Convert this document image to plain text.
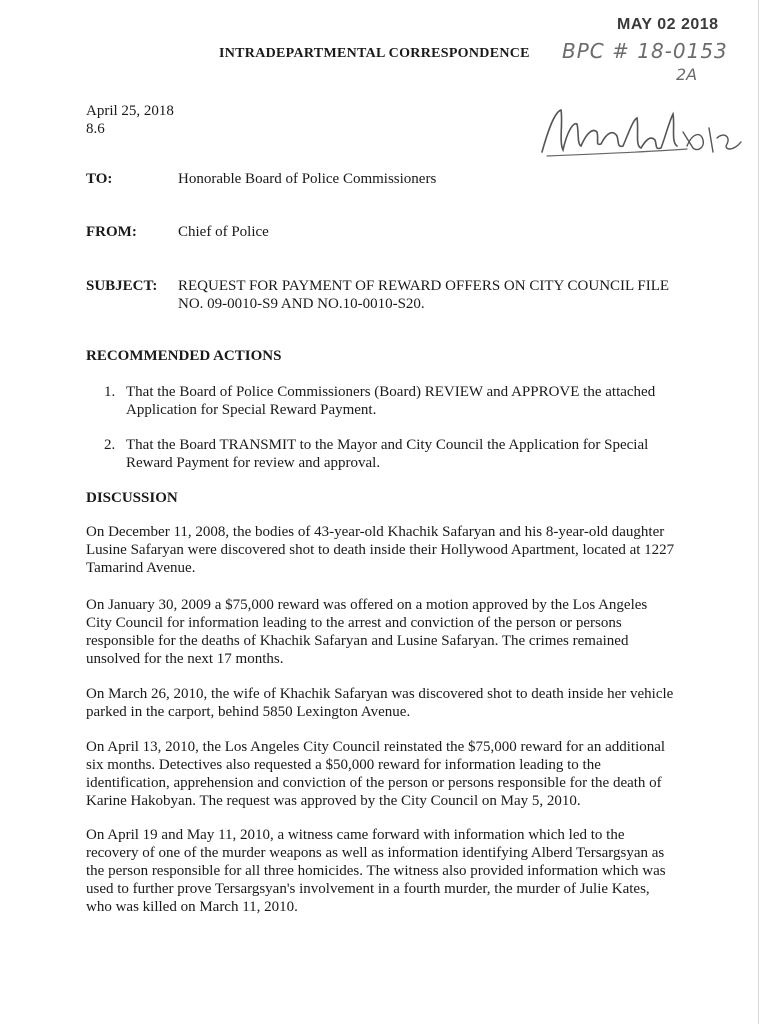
MAY 02 2018
INTRADEPARTMENTAL CORRESPONDENCE BPC # 18-0153
2A
April 25, 2018
8.6
TO:	Honorable Board of Police Commissioners
FROM:	Chief of Police
SUBJECT: REQUEST FOR PAYMENT OF REWARD OFFERS ON CITY COUNCIL FILE NO. 09-0010-S9 AND NO.10-0010-S20.
RECOMMENDED ACTIONS
1. That the Board of Police Commissioners (Board) REVIEW and APPROVE the attached Application for Special Reward Payment.
2. That the Board TRANSMIT to the Mayor and City Council the Application for Special Reward Payment for review and approval.
DISCUSSION
On December 11, 2008, the bodies of 43-year-old Khachik Safaryan and his 8-year-old daughter Lusine Safaryan were discovered shot to death inside their Hollywood Apartment, located at 1227 Tamarind Avenue.
On January 30, 2009 a $75,000 reward was offered on a motion approved by the Los Angeles City Council for information leading to the arrest and conviction of the person or persons responsible for the deaths of Khachik Safaryan and Lusine Safaryan. The crimes remained unsolved for the next 17 months.
On March 26, 2010, the wife of Khachik Safaryan was discovered shot to death inside her vehicle parked in the carport, behind 5850 Lexington Avenue.
On April 13, 2010, the Los Angeles City Council reinstated the $75,000 reward for an additional six months. Detectives also requested a $50,000 reward for information leading to the identification, apprehension and conviction of the person or persons responsible for the death of Karine Hakobyan. The request was approved by the City Council on May 5, 2010.
On April 19 and May 11, 2010, a witness came forward with information which led to the recovery of one of the murder weapons as well as information identifying Alberd Tersargsyan as the person responsible for all three homicides. The witness also provided information which was used to further prove Tersargsyan's involvement in a fourth murder, the murder of Julie Kates, who was killed on March 11, 2010.
